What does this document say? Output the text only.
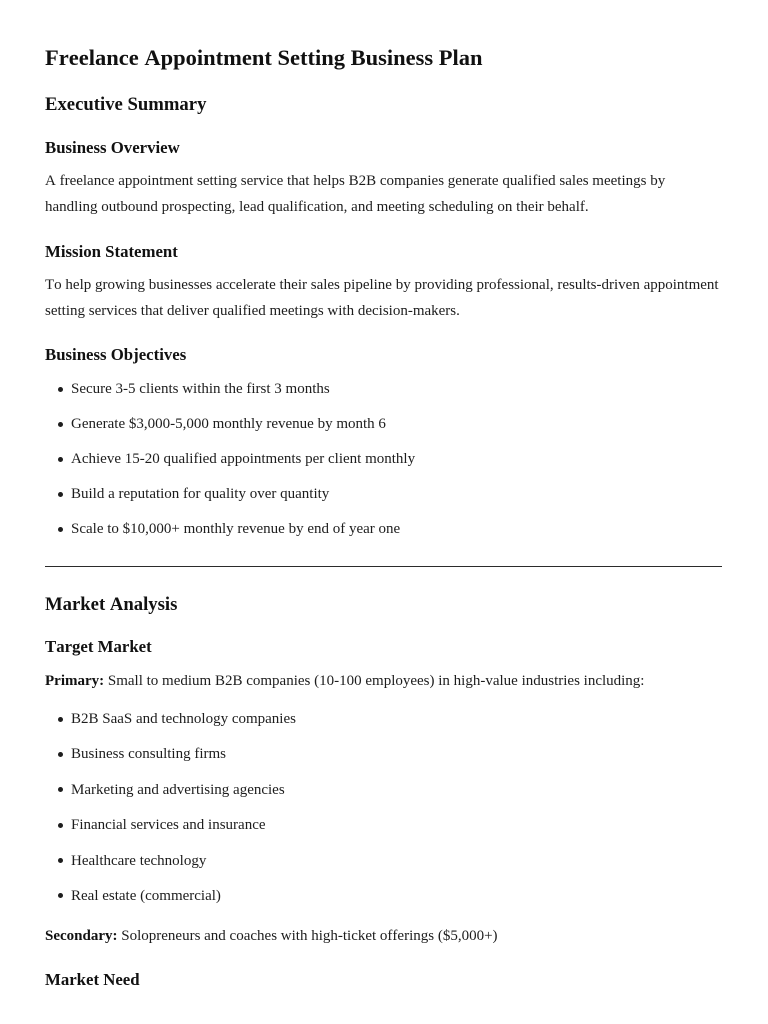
Freelance Appointment Setting Business Plan
Executive Summary
Business Overview

A freelance appointment setting service that helps B2B companies generate qualified sales meetings by handling outbound prospecting, lead qualification, and meeting scheduling on their behalf.

Mission Statement

To help growing businesses accelerate their sales pipeline by providing professional, results-driven appointment setting services that deliver qualified meetings with decision-makers.

Business Objectives
Secure 3-5 clients within the first 3 months
Generate $3,000-5,000 monthly revenue by month 6
Achieve 15-20 qualified appointments per client monthly
Build a reputation for quality over quantity
Scale to $10,000+ monthly revenue by end of year one
Market Analysis
Target Market

Primary: Small to medium B2B companies (10-100 employees) in high-value industries including:

B2B SaaS and technology companies
Business consulting firms
Marketing and advertising agencies
Financial services and insurance
Healthcare technology
Real estate (commercial)

Secondary: Solopreneurs and coaches with high-ticket offerings ($5,000+)

Market Need
